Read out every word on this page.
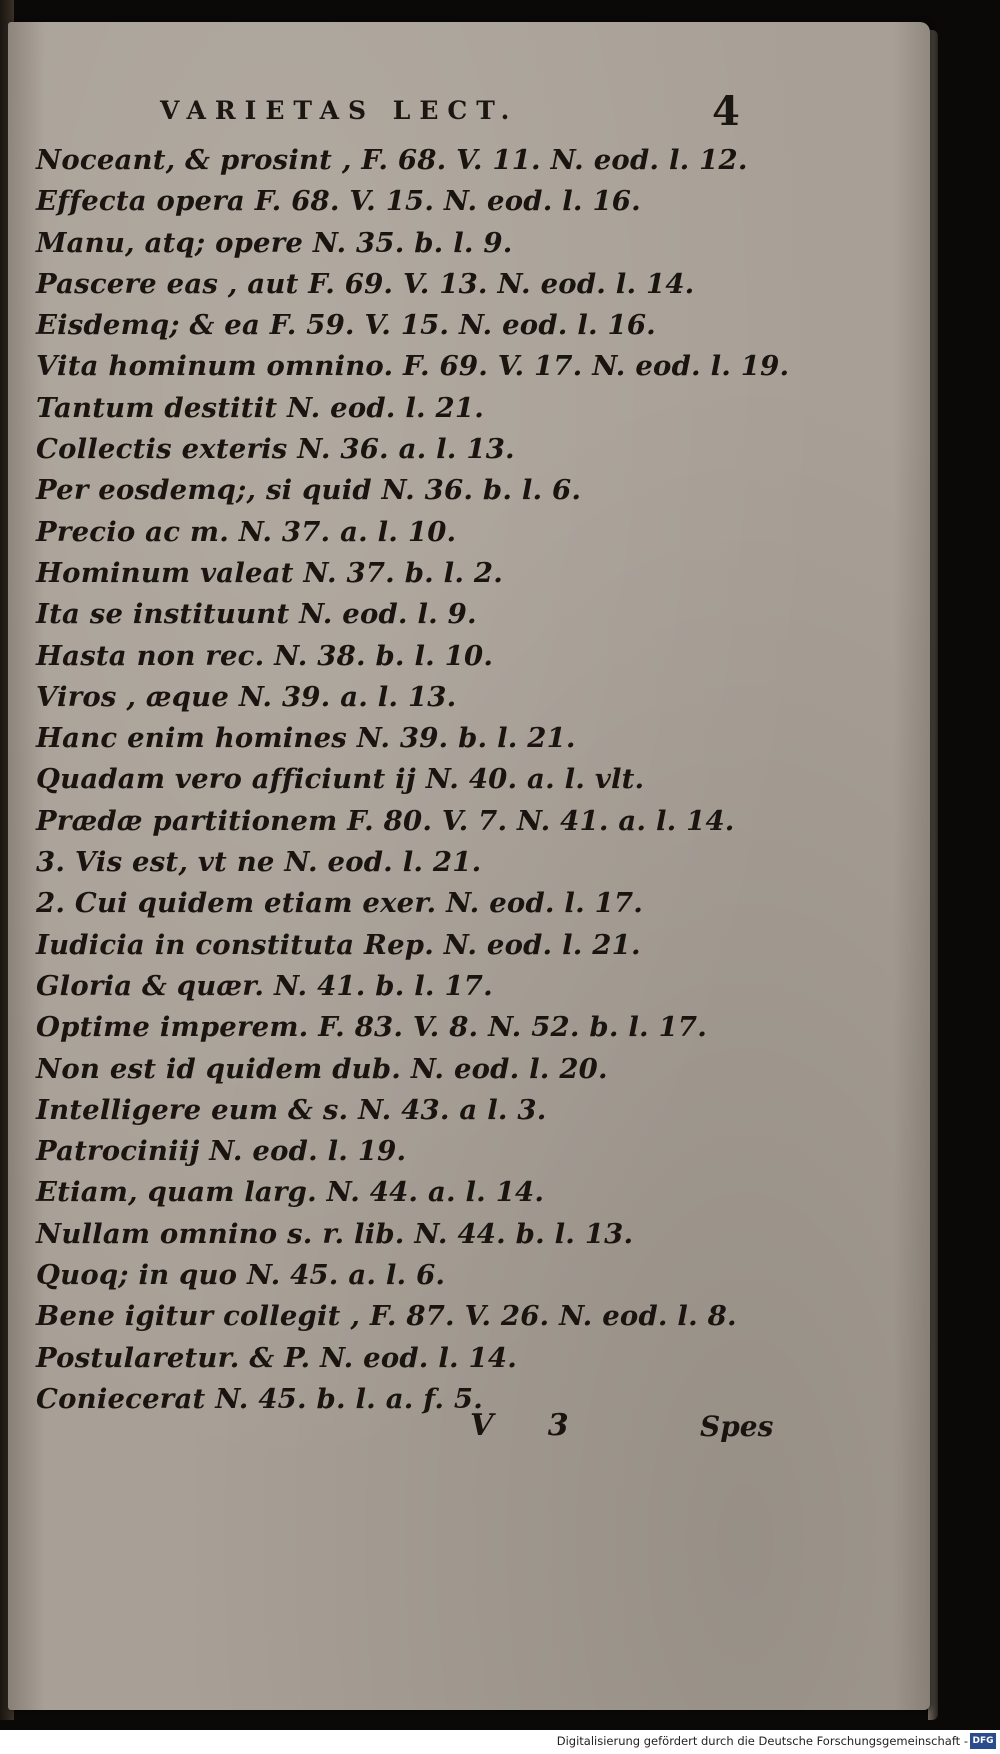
VARIETAS LECT.	4
Noceant, & prosint , F. 68. V. 11. N. eod. l. 12.
Effecta opera F. 68. V. 15. N. eod. l. 16.
Manu, atq; opere N. 35. b. l. 9.
Pascere eas , aut F. 69. V. 13. N. eod. l. 14.
Eisdemq; & ea F. 59. V. 15. N. eod. l. 16.
Vita hominum omnino. F. 69. V. 17. N. eod. l. 19.
Tantum destitit N. eod. l. 21.
Collectis exteris N. 36. a. l. 13.
Per eosdemq;, si quid N. 36. b. l. 6.
Precio ac m. N. 37. a. l. 10.
Hominum valeat N. 37. b. l. 2.
Ita se instituunt N. eod. l. 9.
Hasta non rec. N. 38. b. l. 10.
Viros , æque N. 39. a. l. 13.
Hanc enim homines N. 39. b. l. 21.
Quadam vero afficiunt ij N. 40. a. l. vlt.
Prædæ partitionem F. 80. V. 7. N. 41. a. l. 14.
3. Vis est, vt ne N. eod. l. 21.
2. Cui quidem etiam exer. N. eod. l. 17.
Iudicia in constituta Rep. N. eod. l. 21.
Gloria & quær. N. 41. b. l. 17.
Optime imperem. F. 83. V. 8. N. 52. b. l. 17.
Non est id quidem dub. N. eod. l. 20.
Intelligere eum & s. N. 43. a l. 3.
Patrociniij N. eod. l. 19.
Etiam, quam larg. N. 44. a. l. 14.
Nullam omnino s. r. lib. N. 44. b. l. 13.
Quoq; in quo N. 45. a. l. 6.
Bene igitur collegit , F. 87. V. 26. N. eod. l. 8.
Postularetur. & P. N. eod. l. 14.
Coniecerat N. 45. b. l. a. f. 5.
V 3	Spes
Digitalisierung gefördert durch die Deutsche Forschungsgemeinschaft - DFG
